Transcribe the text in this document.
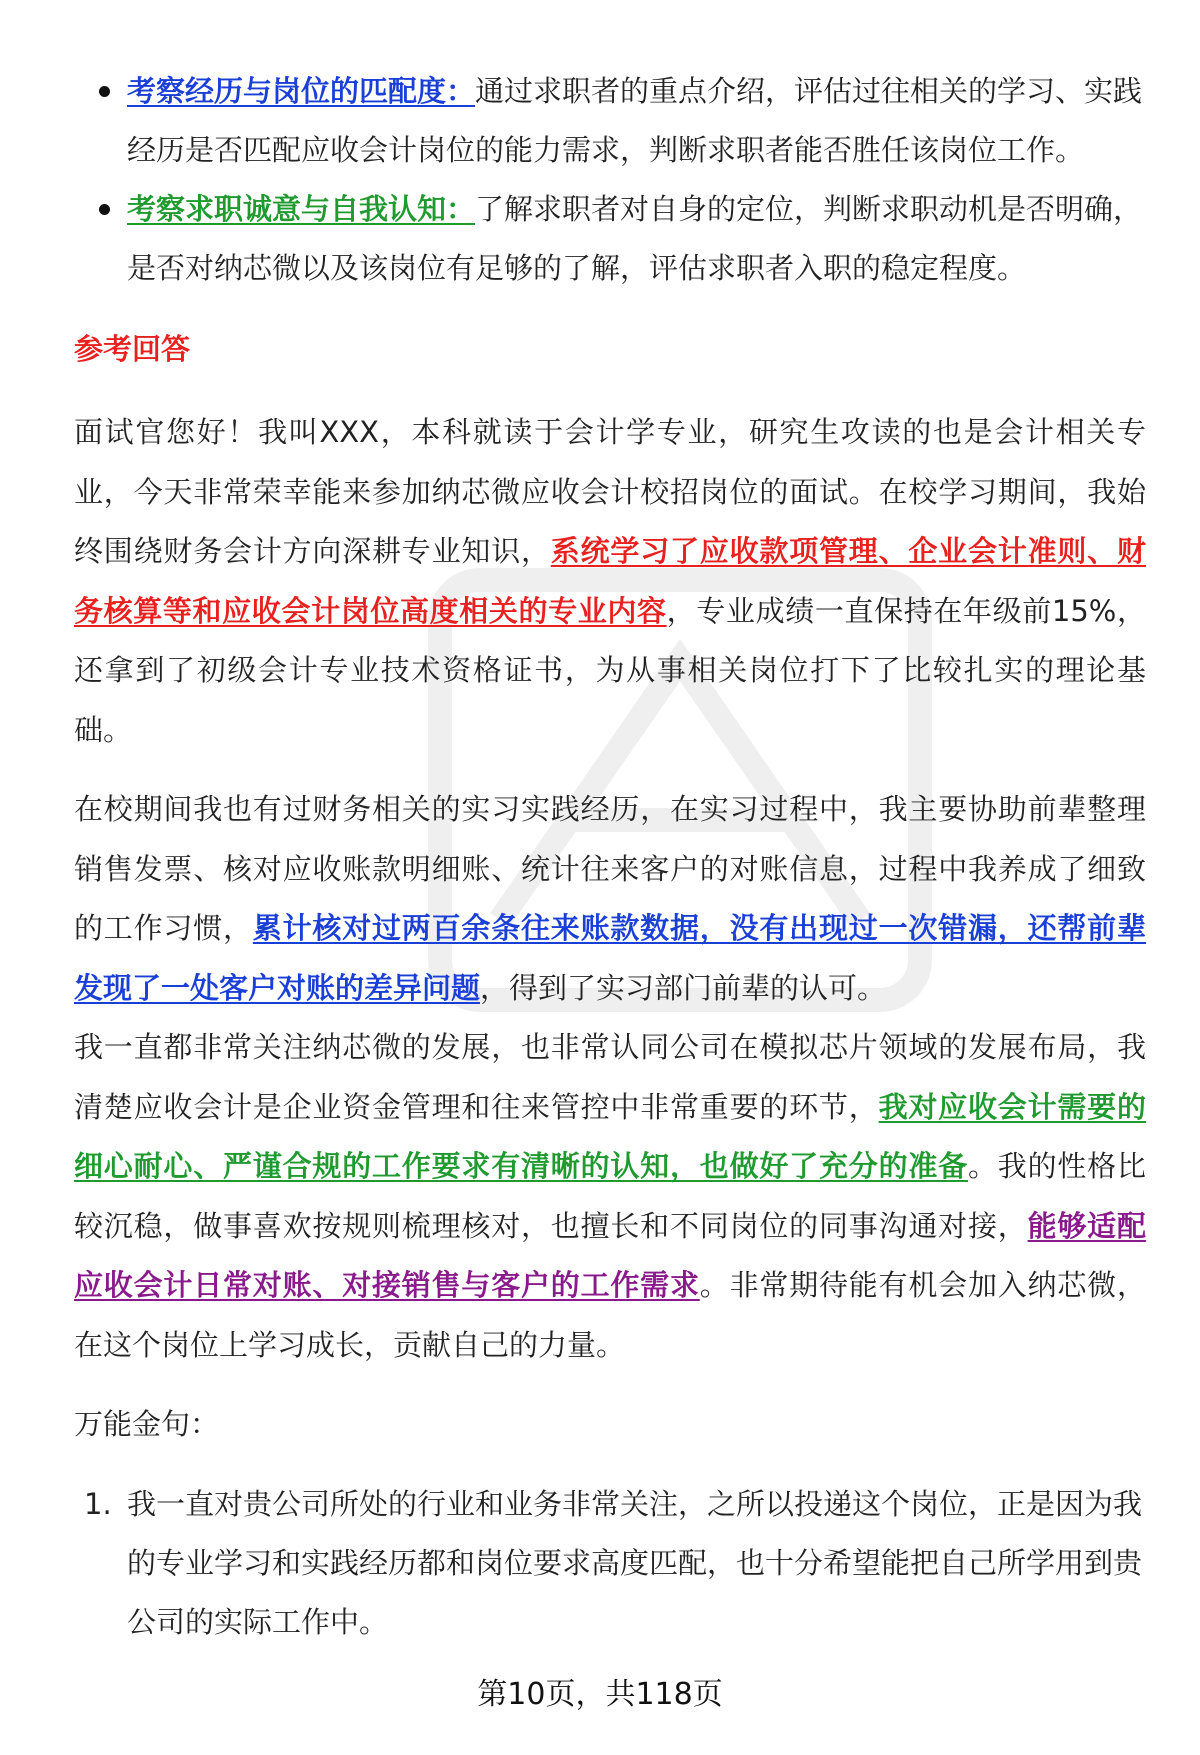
考察经历与岗位的匹配度：通过求职者的重点介绍，评估过往相关的学习、实践经历是否匹配应收会计岗位的能力需求，判断求职者能否胜任该岗位工作。
考察求职诚意与自我认知：了解求职者对自身的定位，判断求职动机是否明确，是否对纳芯微以及该岗位有足够的了解，评估求职者入职的稳定程度。
参考回答

面试官您好！我叫XXX，本科就读于会计学专业，研究生攻读的也是会计相关专业，今天非常荣幸能来参加纳芯微应收会计校招岗位的面试。在校学习期间，我始终围绕财务会计方向深耕专业知识，系统学习了应收款项管理、企业会计准则、财务核算等和应收会计岗位高度相关的专业内容，专业成绩一直保持在年级前15%，还拿到了初级会计专业技术资格证书，为从事相关岗位打下了比较扎实的理论基础。

在校期间我也有过财务相关的实习实践经历，在实习过程中，我主要协助前辈整理销售发票、核对应收账款明细账、统计往来客户的对账信息，过程中我养成了细致的工作习惯，累计核对过两百余条往来账款数据，没有出现过一次错漏，还帮前辈发现了一处客户对账的差异问题，得到了实习部门前辈的认可。

我一直都非常关注纳芯微的发展，也非常认同公司在模拟芯片领域的发展布局，我清楚应收会计是企业资金管理和往来管控中非常重要的环节，我对应收会计需要的细心耐心、严谨合规的工作要求有清晰的认知，也做好了充分的准备。我的性格比较沉稳，做事喜欢按规则梳理核对，也擅长和不同岗位的同事沟通对接，能够适配应收会计日常对账、对接销售与客户的工作需求。非常期待能有机会加入纳芯微，在这个岗位上学习成长，贡献自己的力量。

万能金句：

1. 我一直对贵公司所处的行业和业务非常关注，之所以投递这个岗位，正是因为我的专业学习和实践经历都和岗位要求高度匹配，也十分希望能把自己所学用到贵公司的实际工作中。
第10页，共118页
